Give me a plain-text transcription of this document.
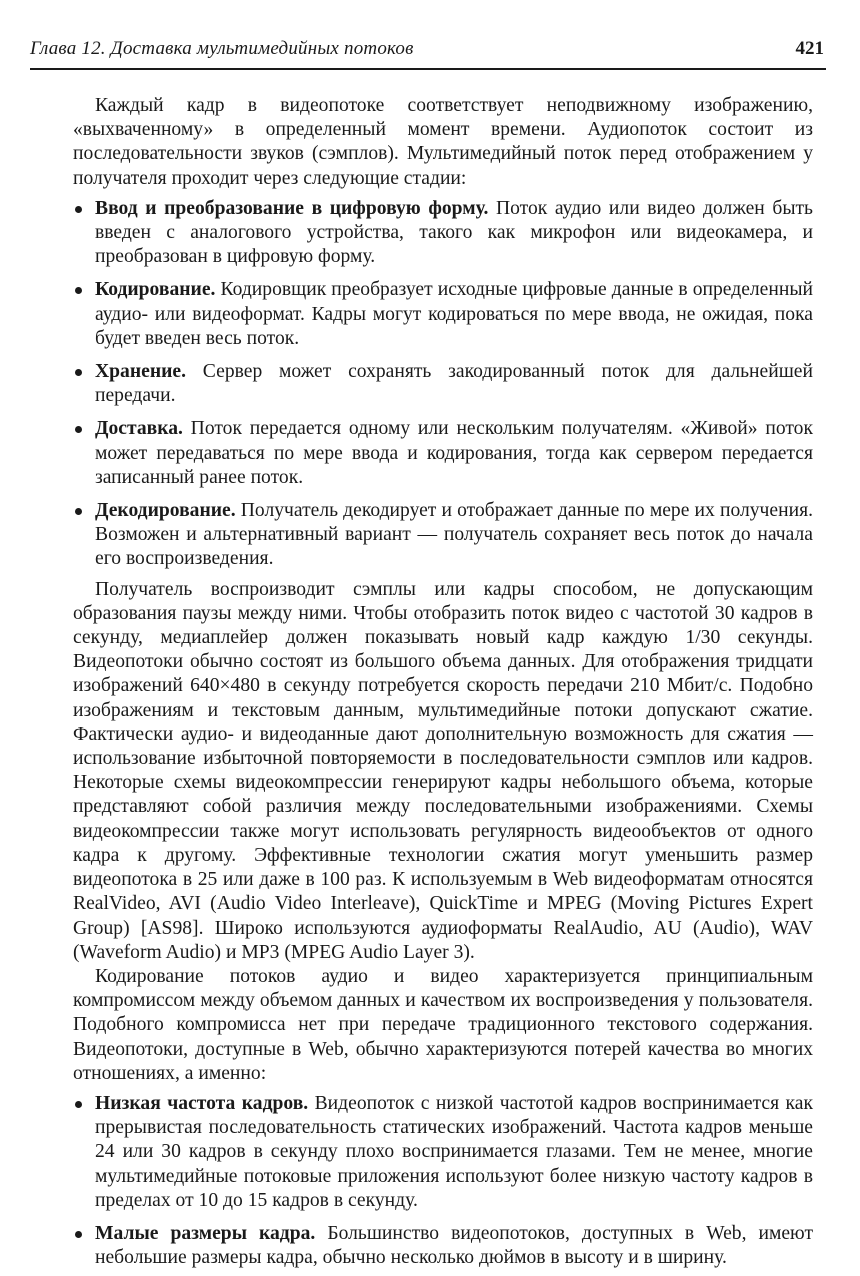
Глава 12. Доставка мультимедийных потоков	421

Каждый кадр в видеопотоке соответствует неподвижному изображению, «выхваченному» в определенный момент времени. Аудиопоток состоит из последовательности звуков (сэмплов). Мультимедийный поток перед отображением у получателя проходит через следующие стадии:

Ввод и преобразование в цифровую форму. Поток аудио или видео должен быть введен с аналогового устройства, такого как микрофон или видеокамера, и преобразован в цифровую форму.
Кодирование. Кодировщик преобразует исходные цифровые данные в определенный аудио- или видеоформат. Кадры могут кодироваться по мере ввода, не ожидая, пока будет введен весь поток.
Хранение. Сервер может сохранять закодированный поток для дальнейшей передачи.
Доставка. Поток передается одному или нескольким получателям. «Живой» поток может передаваться по мере ввода и кодирования, тогда как сервером передается записанный ранее поток.
Декодирование. Получатель декодирует и отображает данные по мере их получения. Возможен и альтернативный вариант — получатель сохраняет весь поток до начала его воспроизведения.

Получатель воспроизводит сэмплы или кадры способом, не допускающим образования паузы между ними. Чтобы отобразить поток видео с частотой 30 кадров в секунду, медиаплейер должен показывать новый кадр каждую 1/30 секунды. Видеопотоки обычно состоят из большого объема данных. Для отображения тридцати изображений 640×480 в секунду потребуется скорость передачи 210 Мбит/с. Подобно изображениям и текстовым данным, мультимедийные потоки допускают сжатие. Фактически аудио- и видеоданные дают дополнительную возможность для сжатия — использование избыточной повторяемости в последовательности сэмплов или кадров. Некоторые схемы видеокомпрессии генерируют кадры небольшого объема, которые представляют собой различия между последовательными изображениями. Схемы видеокомпрессии также могут использовать регулярность видеообъектов от одного кадра к другому. Эффективные технологии сжатия могут уменьшить размер видеопотока в 25 или даже в 100 раз. К используемым в Web видеоформатам относятся RealVideo, AVI (Audio Video Interleave), QuickTime и MPEG (Moving Pictures Expert Group) [AS98]. Широко используются аудиоформаты RealAudio, AU (Audio), WAV (Waveform Audio) и MP3 (MPEG Audio Layer 3).

Кодирование потоков аудио и видео характеризуется принципиальным компромиссом между объемом данных и качеством их воспроизведения у пользователя. Подобного компромисса нет при передаче традиционного текстового содержания. Видеопотоки, доступные в Web, обычно характеризуются потерей качества во многих отношениях, а именно:

Низкая частота кадров. Видеопоток с низкой частотой кадров воспринимается как прерывистая последовательность статических изображений. Частота кадров меньше 24 или 30 кадров в секунду плохо воспринимается глазами. Тем не менее, многие мультимедийные потоковые приложения используют более низкую частоту кадров в пределах от 10 до 15 кадров в секунду.
Малые размеры кадра. Большинство видеопотоков, доступных в Web, имеют небольшие размеры кадра, обычно несколько дюймов в высоту и в ширину.
